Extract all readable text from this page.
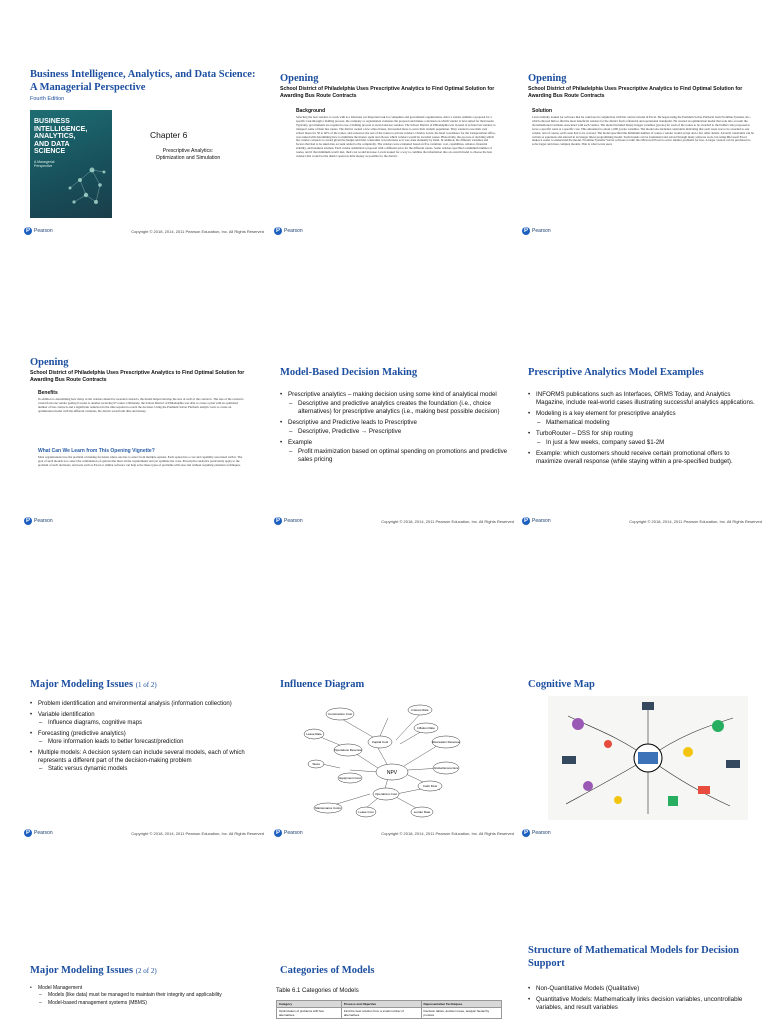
Business Intelligence, Analytics, and Data Science: A Managerial Perspective
Fourth Edition
BUSINESS
INTELLIGENCE,
ANALYTICS,
AND DATA
SCIENCE
A Managerial Perspective
Chapter 6
Prescriptive Analytics: Optimization and Simulation
P Pearson	Copyright © 2018, 2014, 2011 Pearson Education, Inc. All Rights Reserved
Opening
School District of Philadelphia Uses Prescriptive Analytics to Find Optimal Solution for Awarding Bus Route Contracts
Background
Selecting the best vendors to work with is a laborious yet important task for companies and government organizations. After a vendor submits a proposal for a specific task through a bidding process, the company or organization evaluates the proposal and makes a decision on which vendor is best suited for their needs. Typically, governments are required to use a bidding process to award and use vendors. The School District of Philadelphia was in need of private bus vendors to transport some of their bus routes. The district owned a few school buses, but needed more to serve their student population. They wanted to use their own school buses for 30 to 40% of the routes, and outsource the rest of the routes to private vendors. Charles Lewis, the head coordinator for the transportation office, was tasked with determining how to minimize the money spent and choose which vendors would be awarded routes. Historically, the process of deciding which bus vendor contracts to award given the budget and time constraints was laborious as it was done manually by hand. In addition, the different variables and factors that had to be taken into account added to the complexity. The vendors were evaluated based on five variables: cost, capabilities, reliance, financial stability, and business acumen. Each vendor submitted a proposal with a different price for the different routes. Some vendors specified a minimum number of routes, and if that minimum wasn't met, their cost would increase. Lewis looked for a way to combine the information into an overall model to choose the best vendors that would let the district spend as little money as possible for the district.
P Pearson
Opening
School District of Philadelphia Uses Prescriptive Analytics to Find Optimal Solution for Awarding Bus Route Contracts
Solution
Lewis initially looked for software that he could use in conjunction with his contract model in Excel. He began using the Premium Solver Platform from Frontline Systems, Inc., which allowed him to find the most beneficial vendors for the district from a financial and operational standpoint. He created an optimization model that took into account the aforementioned variables associated with each vendor. The model included binary integer variables (yes/no) for each of the routes to be awarded to the bidders who proposed to serve a specific route at a specific cost. This amounted to about 1,600 yes/no variables. The model also included constraints indicating that each route was to be awarded to one vendor, and of course, each route had to be covered. The model specified the minimum number of routes a vendor would accept and a few other details. All such constraints can be written as equations and entered in an integer linear programming model. Such models can be formulated and solved through many software tools, but using Microsoft Excel makes it easier to understand the model. Frontline Systems' Solver software is built into Microsoft Excel to solve smaller problems for free. A larger version can be purchased to solve larger and more complex models. That is what Lewis used.
P Pearson
Opening
School District of Philadelphia Uses Prescriptive Analytics to Find Optimal Solution for Awarding Bus Route Contracts
Benefits
In addition to determining how many of the vendors should be awarded contracts, the model helped develop the size of each of the contracts. The size of the contracts varied from one vendor getting 6 routes to another receiving 97 routes. Ultimately, the School District of Philadelphia was able to create a plan with an optimized number of bus contracts and a significant reduction in the time required to reach the decision. Using the Premium Solver Platform analytic tools to create an optimization model with the different variables, the district saved both time and money.
What Can We Learn from This Opening Vignette?
Most organizations face the problem of making decisions where one has to select from multiple options. Each option has a cost and capability associated with it. The goal of such models is to select the combination of options that meet all the requirements and yet optimize the costs. Prescriptive analytics particularly apply to the problem of such decisions, and tools such as Excel or similar software can help solve these types of problems with ease and without requiring extensive techniques.
P Pearson
Model-Based Decision Making
• Prescriptive analytics – making decision using some kind of analytical model
– Descriptive and predictive analytics creates the foundation (i.e., choice alternatives) for prescriptive analytics (i.e., making best possible decision)
• Descriptive and Predictive leads to Prescriptive
– Descriptive, Predictive → Prescriptive
• Example
– Profit maximization based on optimal spending on promotions and predictive sales pricing
P Pearson	Copyright © 2018, 2014, 2011 Pearson Education, Inc. All Rights Reserved
Prescriptive Analytics Model Examples
• INFORMS publications such as Interfaces, ORMS Today, and Analytics Magazine, include real-world cases illustrating successful analytics applications.
• Modeling is a key element for prescriptive analytics
– Mathematical modeling
• TurboRouter – DSS for ship routing
– In just a few weeks, company saved $1-2M
• Example: which customers should receive certain promotional offers to maximize overall response (while staying within a pre-specified budget).
P Pearson	Copyright © 2018, 2014, 2011 Pearson Education, Inc. All Rights Reserved
Major Modeling Issues (1 of 2)
• Problem identification and environmental analysis (information collection)
• Variable identification
– Influence diagrams, cognitive maps
• Forecasting (predictive analytics)
– More information leads to better forecast/prediction
• Multiple models: A decision system can include several models, each of which represents a different part of the decision-making problem
– Static versus dynamic models
P Pearson	Copyright © 2018, 2014, 2011 Pearson Education, Inc. All Rights Reserved
Influence Diagram
Construction Cost
Interest Rate
Capital Cost
Inflation Rate
Operations Revenue
Lease Rate
Recreation Revenue
Global Economics
NPV
Taxes
Operations Cost
Cash Flow
Equipment Cost
Maintenance Costs
Lease Cost	Lender Rate
P Pearson	Copyright © 2018, 2014, 2011 Pearson Education, Inc. All Rights Reserved
Cognitive Map
P Pearson
Major Modeling Issues (2 of 2)
• Model Management
– Models (like data) must be managed to maintain their integrity and applicability
– Model-based management systems (MBMS)
Categories of Models
Table 6.1 Categories of Models
Category	Process and Objective	Representative Techniques
Optimization of problems with few alternatives	Find the best solution from a small number of alternatives	Decision tables, decision trees, analytic hierarchy process
Structure of Mathematical Models for Decision Support
• Non-Quantitative Models (Qualitative)
• Quantitative Models: Mathematically links decision variables, uncontrollable variables, and result variables
